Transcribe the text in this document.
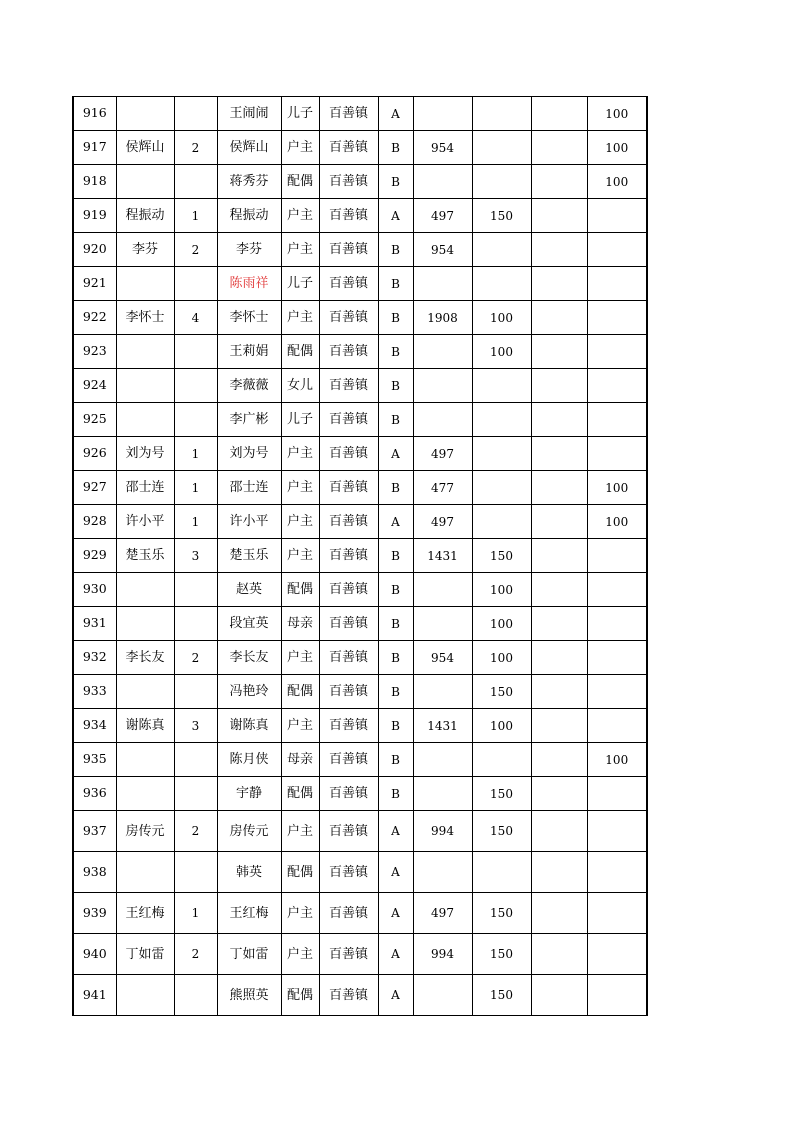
916			王闹闹	儿子	百善镇	A				100
917	侯辉山	2	侯辉山	户主	百善镇	B	954			100
918			蒋秀芬	配偶	百善镇	B				100
919	程振动	1	程振动	户主	百善镇	A	497	150		
920	李芬	2	李芬	户主	百善镇	B	954			
921			陈雨祥	儿子	百善镇	B				
922	李怀士	4	李怀士	户主	百善镇	B	1908	100		
923			王莉娟	配偶	百善镇	B		100		
924			李薇薇	女儿	百善镇	B				
925			李广彬	儿子	百善镇	B				
926	刘为号	1	刘为号	户主	百善镇	A	497			
927	邵士连	1	邵士连	户主	百善镇	B	477			100
928	许小平	1	许小平	户主	百善镇	A	497			100
929	楚玉乐	3	楚玉乐	户主	百善镇	B	1431	150		
930			赵英	配偶	百善镇	B		100		
931			段宜英	母亲	百善镇	B		100		
932	李长友	2	李长友	户主	百善镇	B	954	100		
933			冯艳玲	配偶	百善镇	B		150		
934	谢陈真	3	谢陈真	户主	百善镇	B	1431	100		
935			陈月侠	母亲	百善镇	B				100
936			宇静	配偶	百善镇	B		150		
937	房传元	2	房传元	户主	百善镇	A	994	150		
938			韩英	配偶	百善镇	A				
939	王红梅	1	王红梅	户主	百善镇	A	497	150		
940	丁如雷	2	丁如雷	户主	百善镇	A	994	150		
941			熊照英	配偶	百善镇	A		150		
